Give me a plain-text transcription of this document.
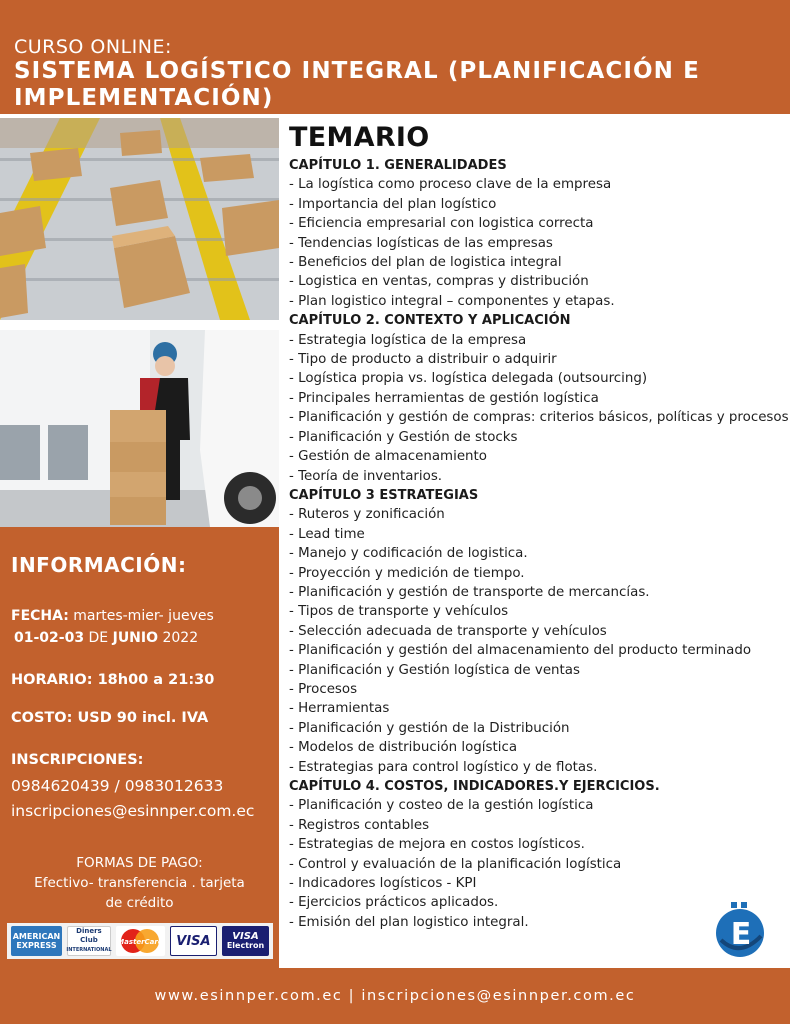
CURSO ONLINE:
SISTEMA LOGÍSTICO INTEGRAL (PLANIFICACIÓN E
IMPLEMENTACIÓN)
INFORMACIÓN:
FECHA: martes-mier- jueves
01-02-03 DE JUNIO 2022
HORARIO: 18h00 a 21:30
COSTO: USD 90 incl. IVA
INSCRIPCIONES:
0984620439 / 0983012633
inscripciones@esinnper.com.ec
FORMAS DE PAGO:
Efectivo- transferencia . tarjeta
de crédito
AMERICAN
EXPRESS
Diners Club
INTERNATIONAL
MasterCard VISA	VISA
Electron
TEMARIO
CAPÍTULO 1. GENERALIDADES
- La logística como proceso clave de la empresa
- Importancia del plan logístico
- Eficiencia empresarial con logistica correcta
- Tendencias logísticas de las empresas
- Beneficios del plan de logistica integral
- Logistica en ventas, compras y distribución
- Plan logistico integral – componentes y etapas.
CAPÍTULO 2. CONTEXTO Y APLICACIÓN
- Estrategia logística de la empresa
- Tipo de producto a distribuir o adquirir
- Logística propia vs. logística delegada (outsourcing)
- Principales herramientas de gestión logística
- Planificación y gestión de compras: criterios básicos, políticas y procesos
- Planificación y Gestión de stocks
- Gestión de almacenamiento
- Teoría de inventarios.
CAPÍTULO 3 ESTRATEGIAS
- Ruteros y zonificación
- Lead time
- Manejo y codificación de logistica.
- Proyección y medición de tiempo.
- Planificación y gestión de transporte de mercancías.
- Tipos de transporte y vehículos
- Selección adecuada de transporte y vehículos
- Planificación y gestión del almacenamiento del producto terminado
- Planificación y Gestión logística de ventas
- Procesos
- Herramientas
- Planificación y gestión de la Distribución
- Modelos de distribución logística
- Estrategias para control logístico y de flotas.
CAPÍTULO 4. COSTOS, INDICADORES.Y EJERCICIOS.
- Planificación y costeo de la gestión logística
- Registros contables
- Estrategias de mejora en costos logísticos.
- Control y evaluación de la planificación logística
- Indicadores logísticos - KPI
- Ejercicios prácticos aplicados.
- Emisión del plan logistico integral.	E
www.esinnper.com.ec | inscripciones@esinnper.com.ec
